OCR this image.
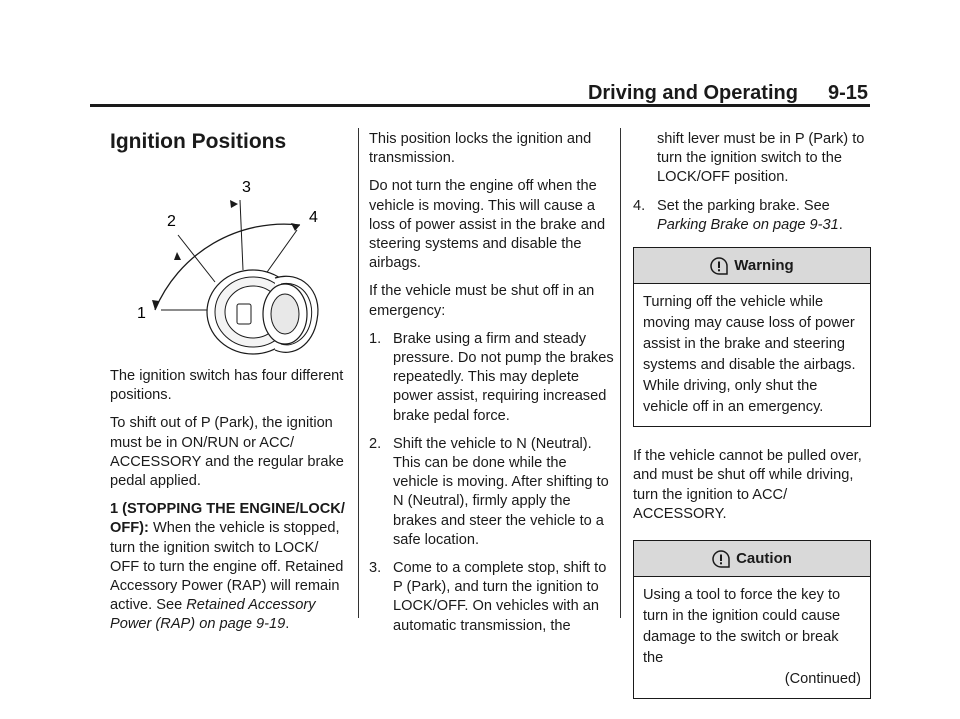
Driving and Operating 9-15
Ignition Positions
1
2
3
4

The ignition switch has four different positions.

To shift out of P (Park), the ignition must be in ON/RUN or ACC/ ACCESSORY and the regular brake pedal applied.

1 (STOPPING THE ENGINE/LOCK/ OFF): When the vehicle is stopped, turn the ignition switch to LOCK/ OFF to turn the engine off. Retained Accessory Power (RAP) will remain active. See Retained Accessory Power (RAP) on page 9-19.

This position locks the ignition and transmission.

Do not turn the engine off when the vehicle is moving. This will cause a loss of power assist in the brake and steering systems and disable the airbags.

If the vehicle must be shut off in an emergency:

1. Brake using a firm and steady pressure. Do not pump the brakes repeatedly. This may deplete power assist, requiring increased brake pedal force.
2. Shift the vehicle to N (Neutral). This can be done while the vehicle is moving. After shifting to N (Neutral), firmly apply the brakes and steer the vehicle to a safe location.
3. Come to a complete stop, shift to P (Park), and turn the ignition to LOCK/OFF. On vehicles with an automatic transmission, the

shift lever must be in P (Park) to turn the ignition switch to the LOCK/OFF position.

4. Set the parking brake. See Parking Brake on page 9-31.
Warning
Turning off the vehicle while moving may cause loss of power assist in the brake and steering systems and disable the airbags. While driving, only shut the vehicle off in an emergency.

If the vehicle cannot be pulled over, and must be shut off while driving, turn the ignition to ACC/ ACCESSORY.

Caution
Using a tool to force the key to turn in the ignition could cause damage to the switch or break the
(Continued)
